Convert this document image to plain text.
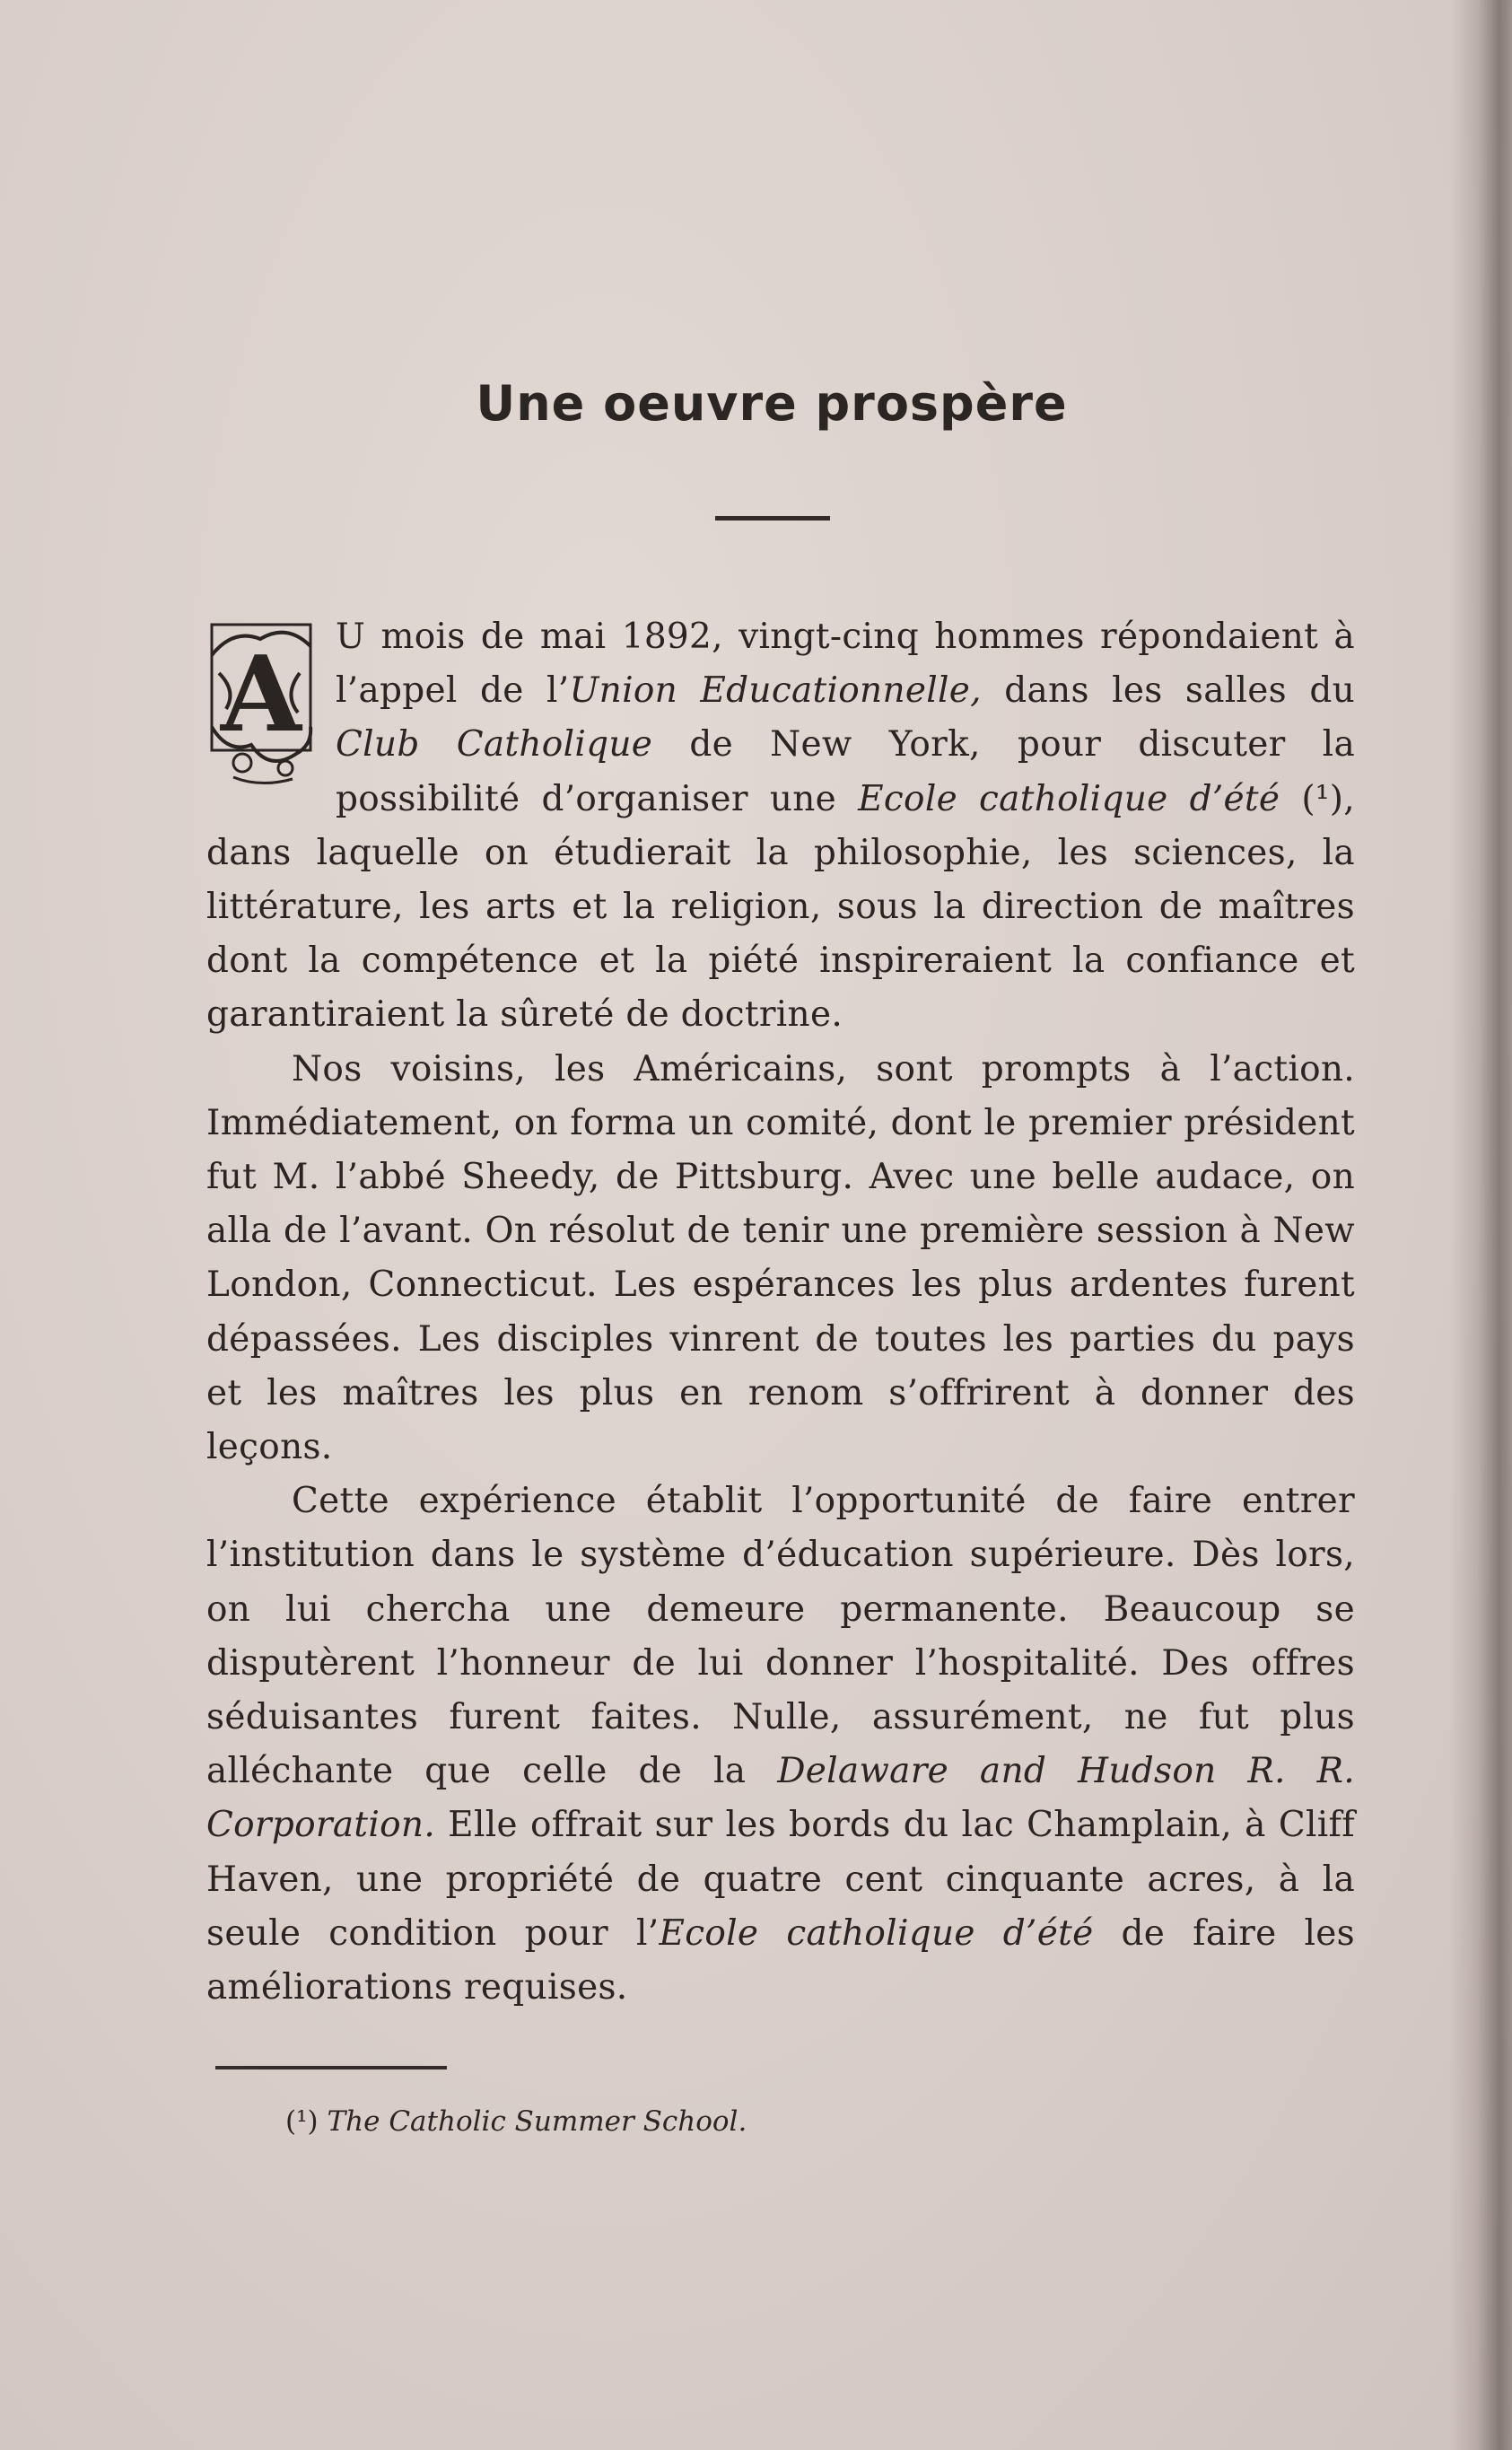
Une oeuvre prospère

A U mois de mai 1892, vingt-cinq hommes répondaient à l’appel de l’Union Educationnelle, dans les salles du Club Catholique de New York, pour discuter la possibilité d’organiser une Ecole catholique d’été (¹), dans laquelle on étudierait la philosophie, les sciences, la littérature, les arts et la religion, sous la direction de maîtres dont la compétence et la piété inspireraient la confiance et garantiraient la sûreté de doctrine.

Nos voisins, les Américains, sont prompts à l’action. Immédiatement, on forma un comité, dont le premier président fut M. l’abbé Sheedy, de Pittsburg. Avec une belle audace, on alla de l’avant. On résolut de tenir une première session à New London, Connecticut. Les espérances les plus ardentes furent dépassées. Les disciples vinrent de toutes les parties du pays et les maîtres les plus en renom s’offrirent à donner des leçons.

Cette expérience établit l’opportunité de faire entrer l’institution dans le système d’éducation supérieure. Dès lors, on lui chercha une demeure permanente. Beaucoup se disputèrent l’honneur de lui donner l’hospitalité. Des offres séduisantes furent faites. Nulle, assurément, ne fut plus alléchante que celle de la Delaware and Hudson R. R. Corporation. Elle offrait sur les bords du lac Champlain, à Cliff Haven, une propriété de quatre cent cinquante acres, à la seule condition pour l’Ecole catholique d’été de faire les améliorations requises.

(¹) The Catholic Summer School.
